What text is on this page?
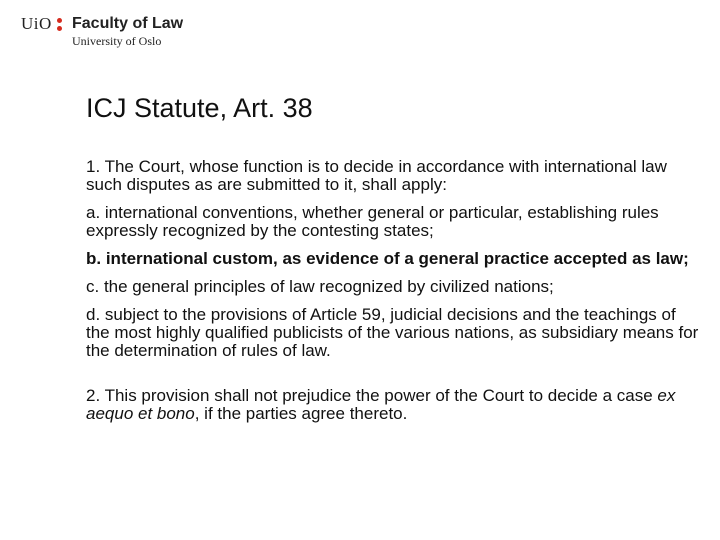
UiO Faculty of Law
University of Oslo
ICJ Statute, Art. 38

1. The Court, whose function is to decide in accordance with international law such disputes as are submitted to it, shall apply:

a. international conventions, whether general or particular, establishing rules expressly recognized by the contesting states;

b. international custom, as evidence of a general practice accepted as law;

c. the general principles of law recognized by civilized nations;

d. subject to the provisions of Article 59, judicial decisions and the teachings of the most highly qualified publicists of the various nations, as subsidiary means for the determination of rules of law.

2. This provision shall not prejudice the power of the Court to decide a case ex aequo et bono, if the parties agree thereto.
